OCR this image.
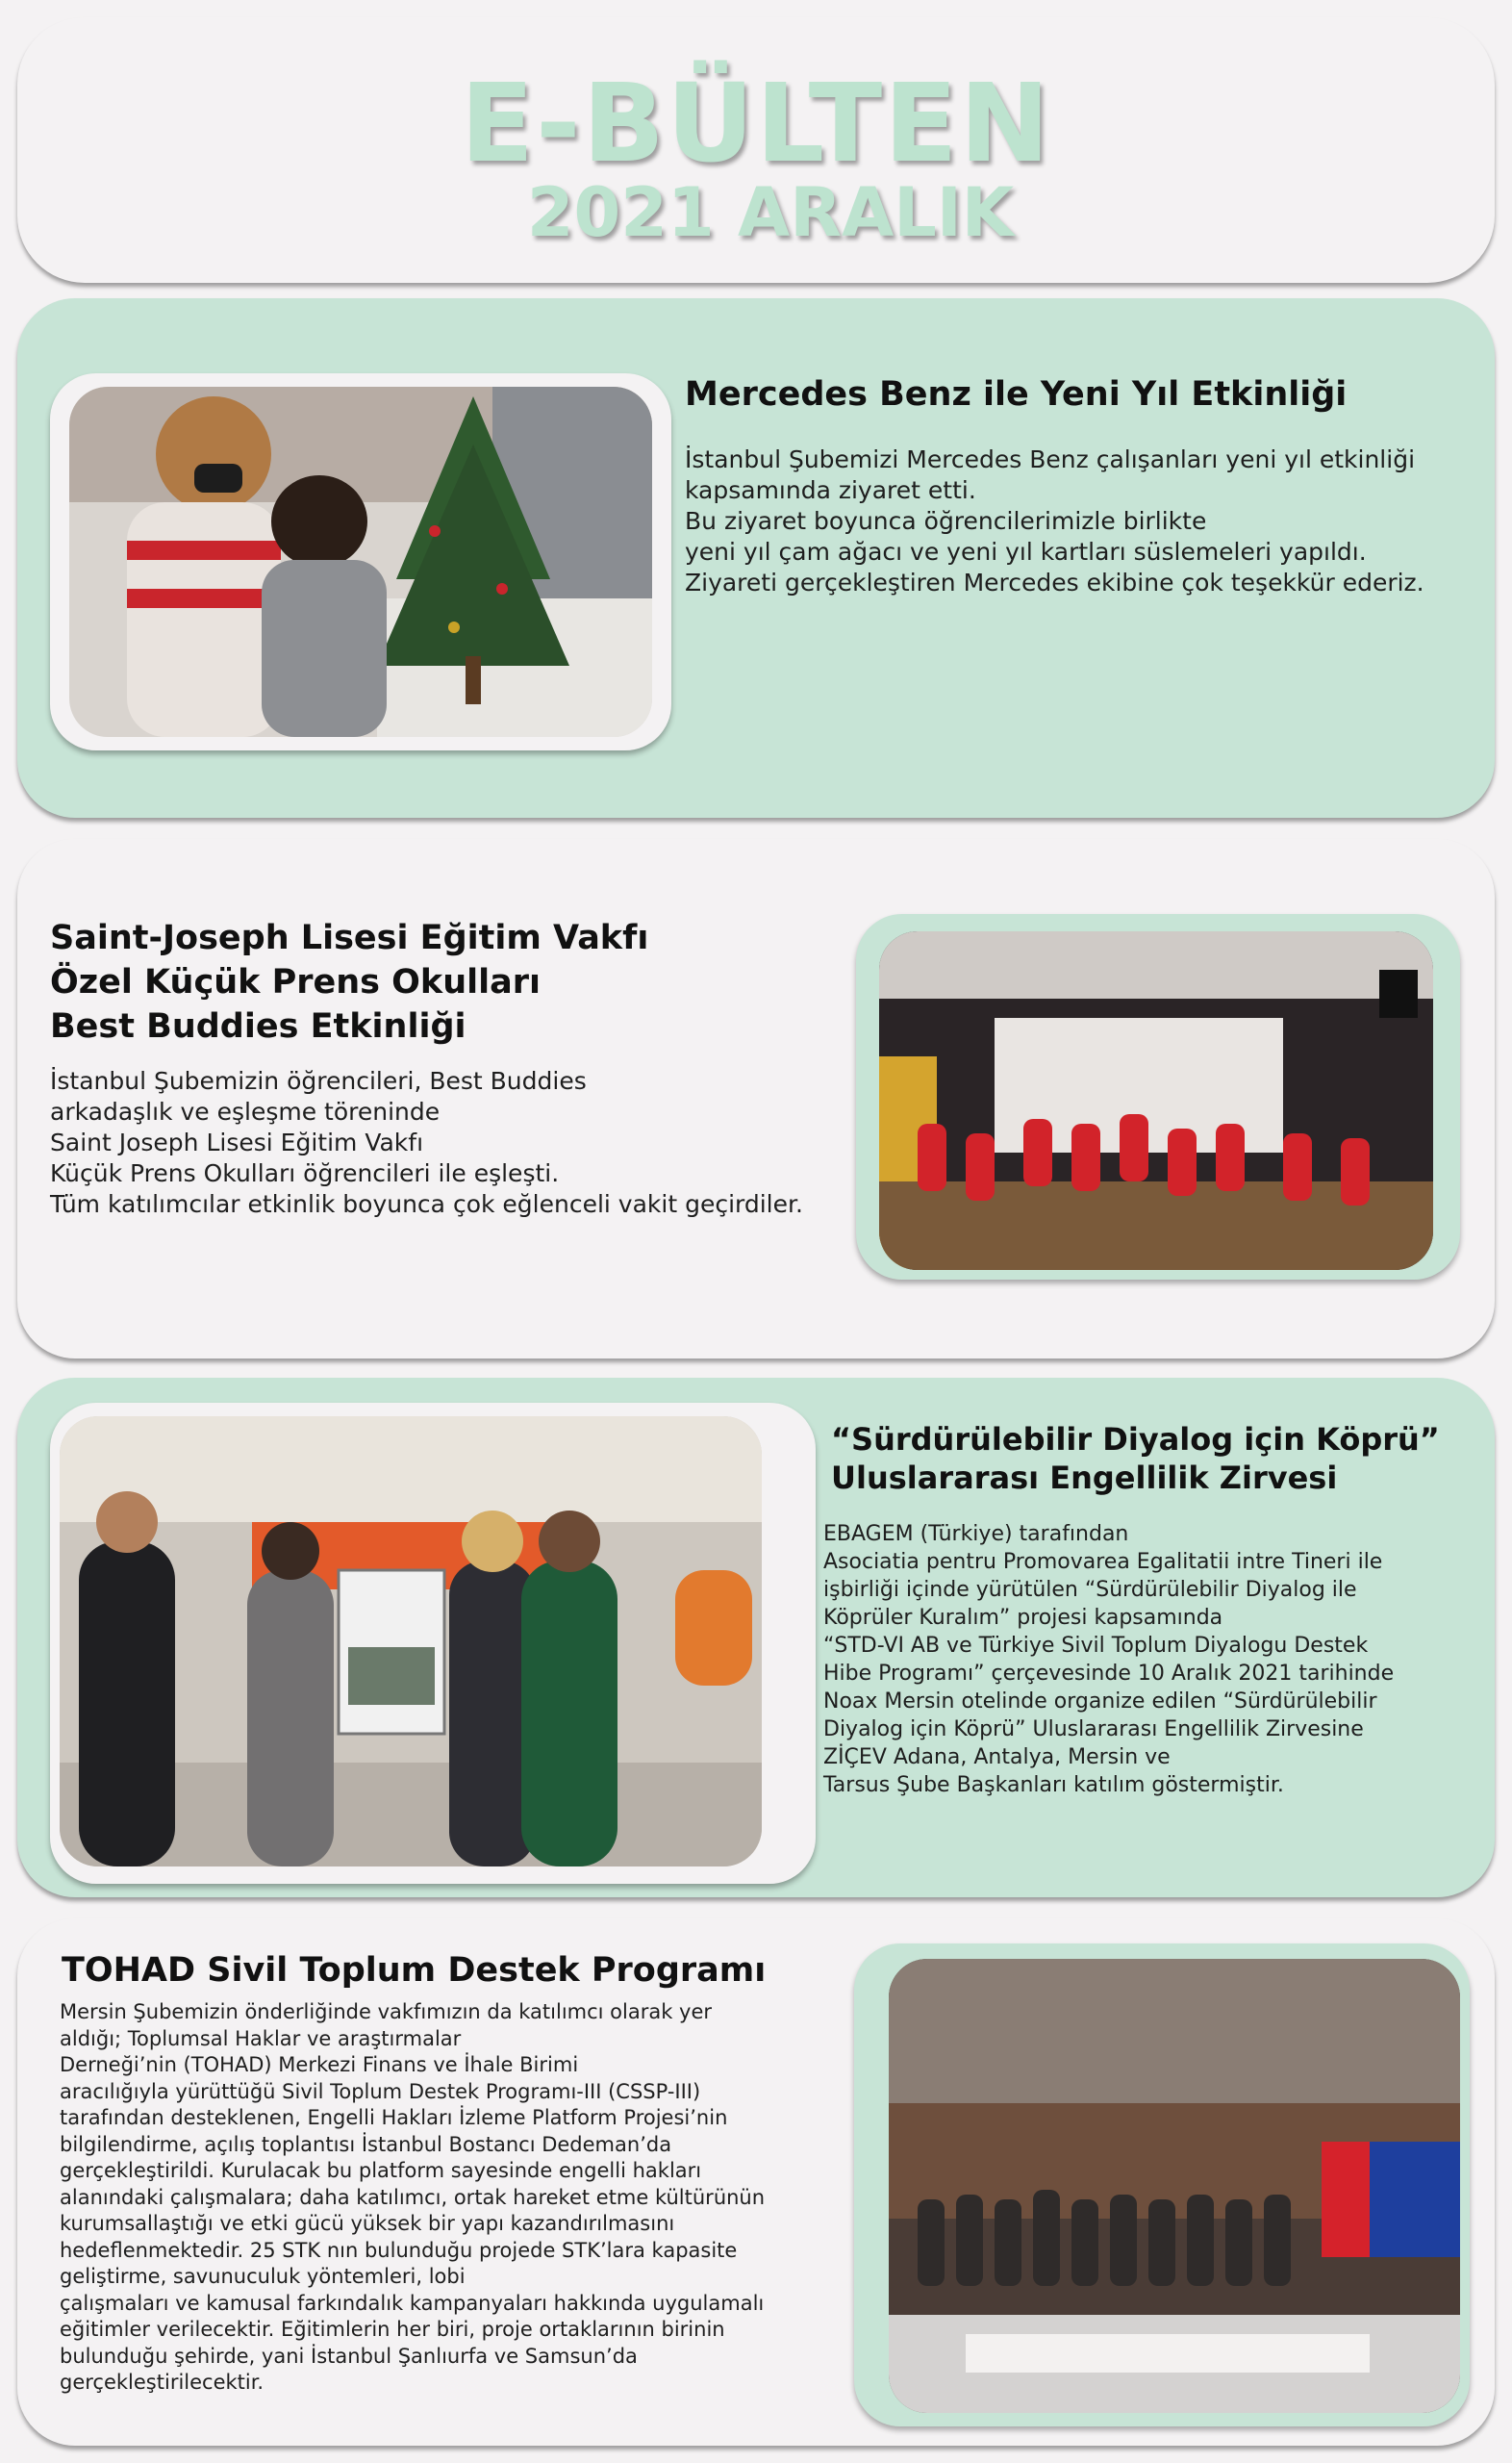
E-BÜLTEN
2021 ARALIK
Mercedes Benz ile Yeni Yıl Etkinliği
İstanbul Şubemizi Mercedes Benz çalışanları yeni yıl etkinliği
kapsamında ziyaret etti.
Bu ziyaret boyunca öğrencilerimizle birlikte
yeni yıl çam ağacı ve yeni yıl kartları süslemeleri yapıldı.
Ziyareti gerçekleştiren Mercedes ekibine çok teşekkür ederiz.
Saint-Joseph Lisesi Eğitim Vakfı
Özel Küçük Prens Okulları
Best Buddies Etkinliği
İstanbul Şubemizin öğrencileri, Best Buddies
arkadaşlık ve eşleşme töreninde
Saint Joseph Lisesi Eğitim Vakfı
Küçük Prens Okulları öğrencileri ile eşleşti.
Tüm katılımcılar etkinlik boyunca çok eğlenceli vakit geçirdiler.
“Sürdürülebilir Diyalog için Köprü”
Uluslararası Engellilik Zirvesi
EBAGEM (Türkiye) tarafından
Asociatia pentru Promovarea Egalitatii intre Tineri ile
işbirliği içinde yürütülen “Sürdürülebilir Diyalog ile
Köprüler Kuralım” projesi kapsamında
“STD-VI AB ve Türkiye Sivil Toplum Diyalogu Destek
Hibe Programı” çerçevesinde 10 Aralık 2021 tarihinde
Noax Mersin otelinde organize edilen “Sürdürülebilir
Diyalog için Köprü” Uluslararası Engellilik Zirvesine
ZİÇEV Adana, Antalya, Mersin ve
Tarsus Şube Başkanları katılım göstermiştir.
TOHAD Sivil Toplum Destek Programı
Mersin Şubemizin önderliğinde vakfımızın da katılımcı olarak yer
aldığı; Toplumsal Haklar ve araştırmalar
Derneği’nin (TOHAD) Merkezi Finans ve İhale Birimi
aracılığıyla yürüttüğü Sivil Toplum Destek Programı-III (CSSP-III)
tarafından desteklenen, Engelli Hakları İzleme Platform Projesi’nin
bilgilendirme, açılış toplantısı İstanbul Bostancı Dedeman’da
gerçekleştirildi. Kurulacak bu platform sayesinde engelli hakları
alanındaki çalışmalara; daha katılımcı, ortak hareket etme kültürünün
kurumsallaştığı ve etki gücü yüksek bir yapı kazandırılmasını
hedeflenmektedir. 25 STK nın bulunduğu projede STK’lara kapasite
geliştirme, savunuculuk yöntemleri, lobi
çalışmaları ve kamusal farkındalık kampanyaları hakkında uygulamalı
eğitimler verilecektir. Eğitimlerin her biri, proje ortaklarının birinin
bulunduğu şehirde, yani İstanbul Şanlıurfa ve Samsun’da
gerçekleştirilecektir.
